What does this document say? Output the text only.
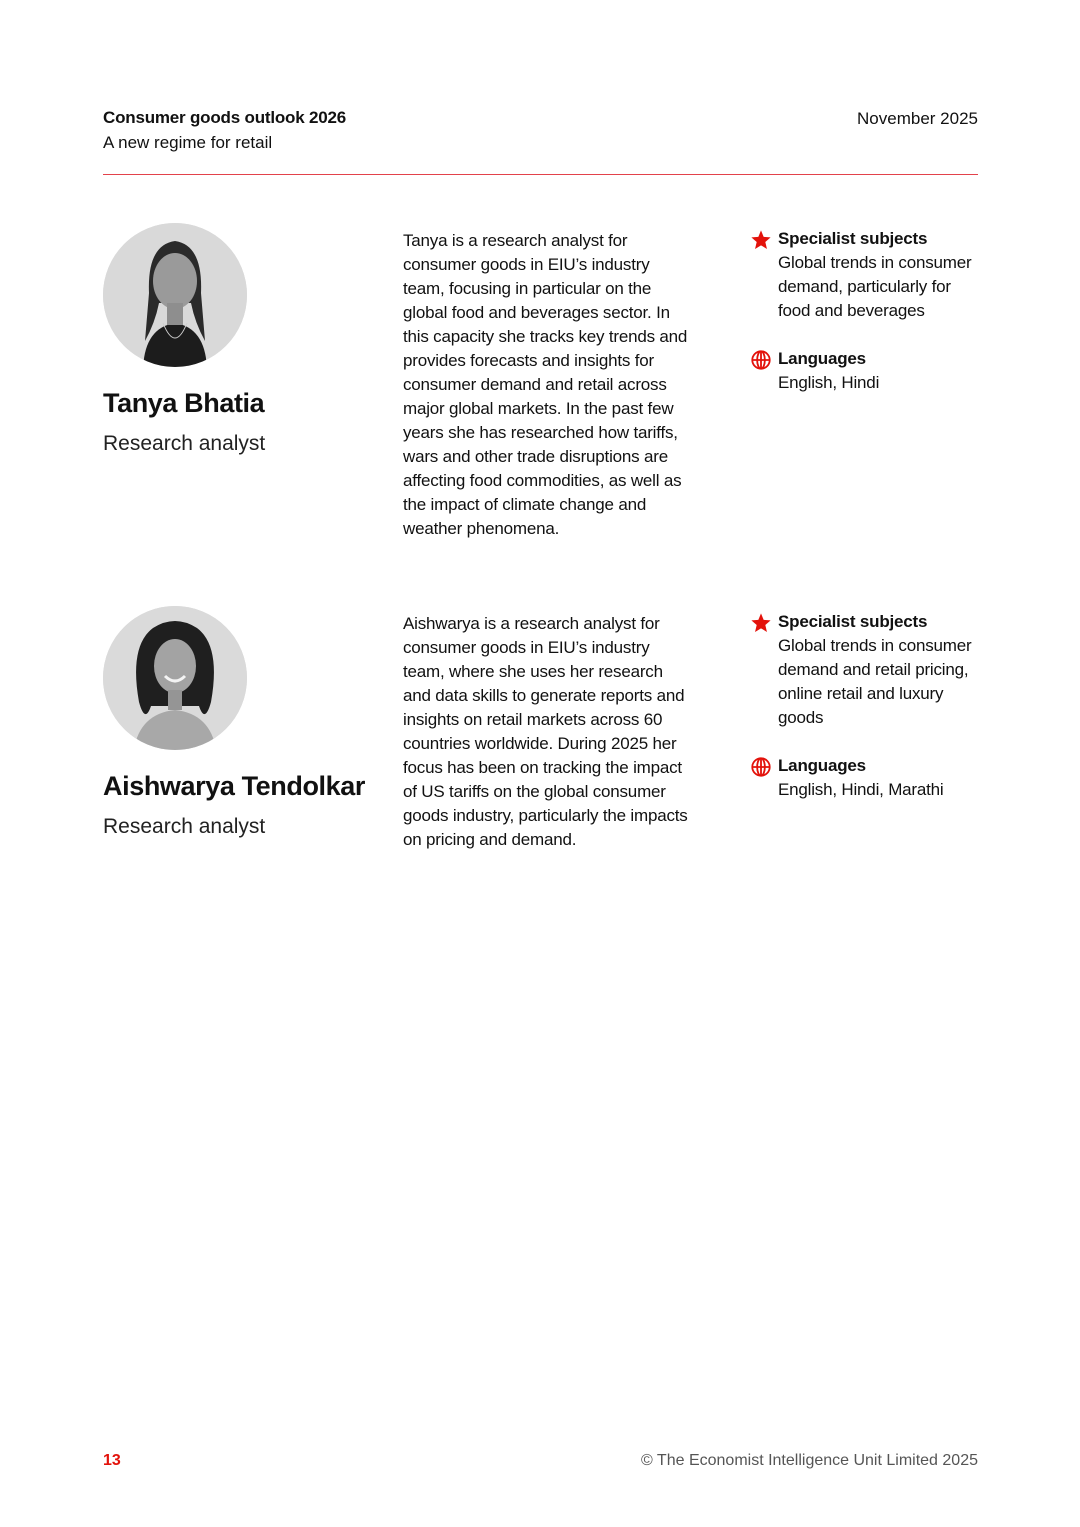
Consumer goods outlook 2026
A new regime for retail
November 2025
Tanya Bhatia
Research analyst
Tanya is a research analyst for consumer goods in EIU’s industry team, focusing in particular on the global food and beverages sector. In this capacity she tracks key trends and provides forecasts and insights for consumer demand and retail across major global markets. In the past few years she has researched how tariffs, wars and other trade disruptions are affecting food commodities, as well as the impact of climate change and weather phenomena.
Specialist subjects
Global trends in consumer demand, particularly for food and beverages
Languages
English, Hindi
Aishwarya Tendolkar
Research analyst
Aishwarya is a research analyst for consumer goods in EIU’s industry team, where she uses her research and data skills to generate reports and insights on retail markets across 60 countries worldwide. During 2025 her focus has been on tracking the impact of US tariffs on the global consumer goods industry, particularly the impacts on pricing and demand.
Specialist subjects
Global trends in consumer demand and retail pricing, online retail and luxury goods
Languages
English, Hindi, Marathi
13	© The Economist Intelligence Unit Limited 2025
